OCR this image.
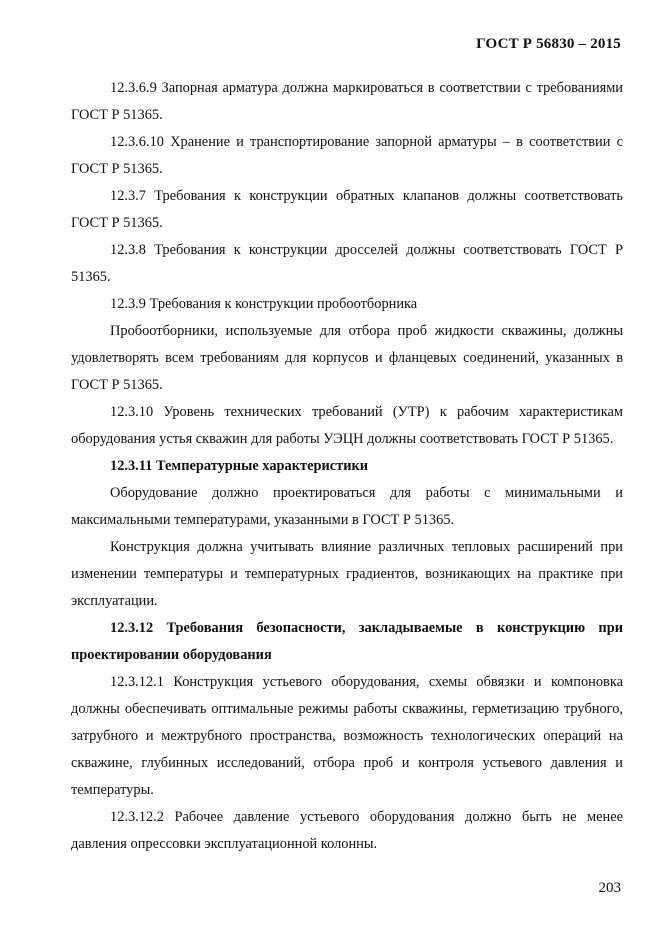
ГОСТ Р 56830 – 2015

12.3.6.9 Запорная арматура должна маркироваться в соответствии с требованиями ГОСТ Р 51365.

12.3.6.10 Хранение и транспортирование запорной арматуры – в соответствии с ГОСТ Р 51365.

12.3.7 Требования к конструкции обратных клапанов должны соответствовать ГОСТ Р 51365.

12.3.8 Требования к конструкции дросселей должны соответствовать ГОСТ Р 51365.

12.3.9 Требования к конструкции пробоотборника

Пробоотборники, используемые для отбора проб жидкости скважины, должны удовлетворять всем требованиям для корпусов и фланцевых соединений, указанных в ГОСТ Р 51365.

12.3.10 Уровень технических требований (УТР) к рабочим характеристикам оборудования устья скважин для работы УЭЦН должны соответствовать ГОСТ Р 51365.

12.3.11 Температурные характеристики

Оборудование должно проектироваться для работы с минимальными и максимальными температурами, указанными в ГОСТ Р 51365.

Конструкция должна учитывать влияние различных тепловых расширений при изменении температуры и температурных градиентов, возникающих на практике при эксплуатации.

12.3.12 Требования безопасности, закладываемые в конструкцию при проектировании оборудования

12.3.12.1 Конструкция устьевого оборудования, схемы обвязки и компоновка должны обеспечивать оптимальные режимы работы скважины, герметизацию трубного, затрубного и межтрубного пространства, возможность технологических операций на скважине, глубинных исследований, отбора проб и контроля устьевого давления и температуры.

12.3.12.2 Рабочее давление устьевого оборудования должно быть не менее давления опрессовки эксплуатационной колонны.

203
